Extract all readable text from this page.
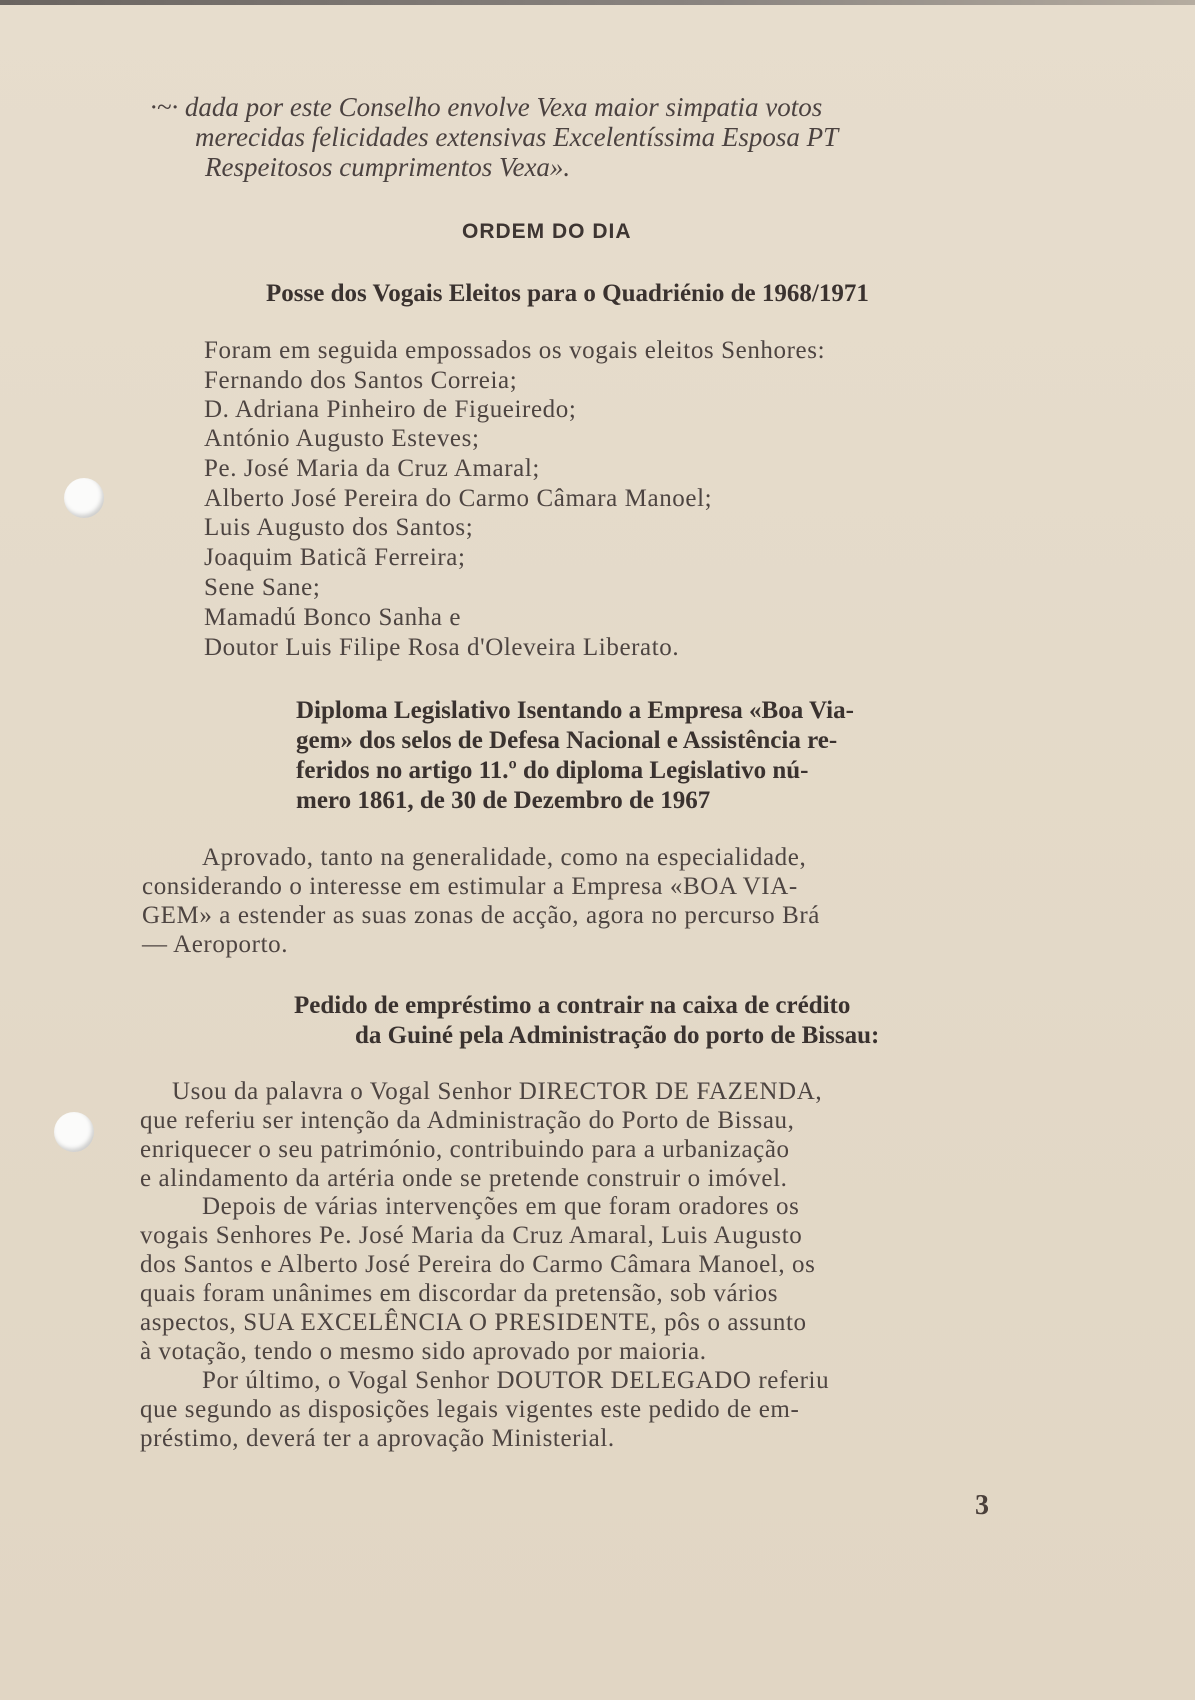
·~· dada por este Conselho envolve Vexa maior simpatia votos
merecidas felicidades extensivas Excelentíssima Esposa PT
Respeitosos cumprimentos Vexa».
ORDEM DO DIA
Posse dos Vogais Eleitos para o Quadriénio de 1968/1971
Foram em seguida empossados os vogais eleitos Senhores:
Fernando dos Santos Correia;
D. Adriana Pinheiro de Figueiredo;
António Augusto Esteves;
Pe. José Maria da Cruz Amaral;
Alberto José Pereira do Carmo Câmara Manoel;
Luis Augusto dos Santos;
Joaquim Baticã Ferreira;
Sene Sane;
Mamadú Bonco Sanha e
Doutor Luis Filipe Rosa d'Oleveira Liberato.
Diploma Legislativo Isentando a Empresa «Boa Via-
gem» dos selos de Defesa Nacional e Assistência re-
feridos no artigo 11.º do diploma Legislativo nú-
mero 1861, de 30 de Dezembro de 1967
Aprovado, tanto na generalidade, como na especialidade,
considerando o interesse em estimular a Empresa «BOA VIA-
GEM» a estender as suas zonas de acção, agora no percurso Brá
— Aeroporto.
Pedido de empréstimo a contrair na caixa de crédito
da Guiné pela Administração do porto de Bissau:
Usou da palavra o Vogal Senhor DIRECTOR DE FAZENDA,
que referiu ser intenção da Administração do Porto de Bissau,
enriquecer o seu património, contribuindo para a urbanização
e alindamento da artéria onde se pretende construir o imóvel.
Depois de várias intervenções em que foram oradores os
vogais Senhores Pe. José Maria da Cruz Amaral, Luis Augusto
dos Santos e Alberto José Pereira do Carmo Câmara Manoel, os
quais foram unânimes em discordar da pretensão, sob vários
aspectos, SUA EXCELÊNCIA O PRESIDENTE, pôs o assunto
à votação, tendo o mesmo sido aprovado por maioria.
Por último, o Vogal Senhor DOUTOR DELEGADO referiu
que segundo as disposições legais vigentes este pedido de em-
préstimo, deverá ter a aprovação Ministerial.
3
